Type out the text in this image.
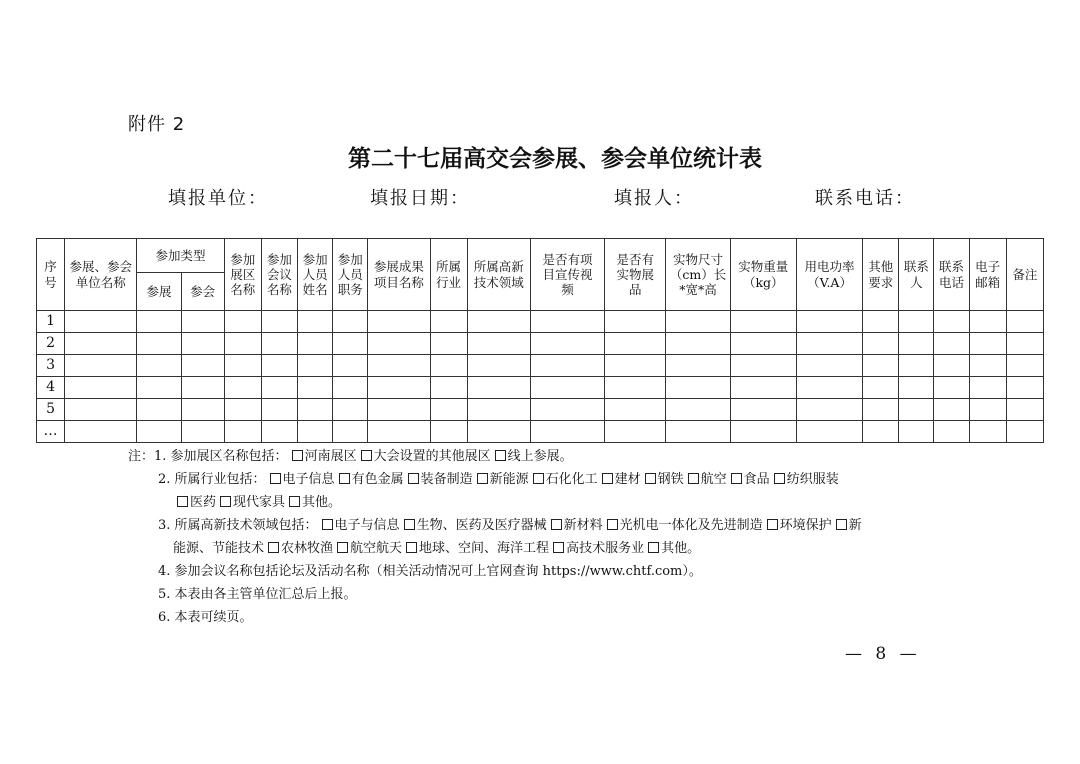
附件 2
第二十七届高交会参展、参会单位统计表
填报单位：	填报日期：	填报人：	联系电话：
序号	参展、参会单位名称	参加类型		参加展区名称	参加会议名称	参加人员姓名	参加人员职务	参展成果项目名称	所属行业	所属高新技术领域	是否有项目宣传视频	是否有实物展品	实物尺寸（cm）长*宽*高	实物重量（kg）	用电功率（V.A）	其他要求	联系人	联系电话	电子邮箱	备注
		参展	参会																	
1																				
2																				
3																				
4																				
5																				
…																				
注：1. 参加展区名称包括： 河南展区 大会设置的其他展区 线上参展。
2. 所属行业包括： 电子信息 有色金属 装备制造 新能源 石化化工 建材 钢铁 航空 食品 纺织服装
医药 现代家具 其他。
3. 所属高新技术领域包括： 电子与信息 生物、医药及医疗器械 新材料 光机电一体化及先进制造 环境保护 新
能源、节能技术 农林牧渔 航空航天 地球、空间、海洋工程 高技术服务业 其他。
4. 参加会议名称包括论坛及活动名称（相关活动情况可上官网查询 https://www.chtf.com）。
5. 本表由各主管单位汇总后上报。
6. 本表可续页。
— 8 —
